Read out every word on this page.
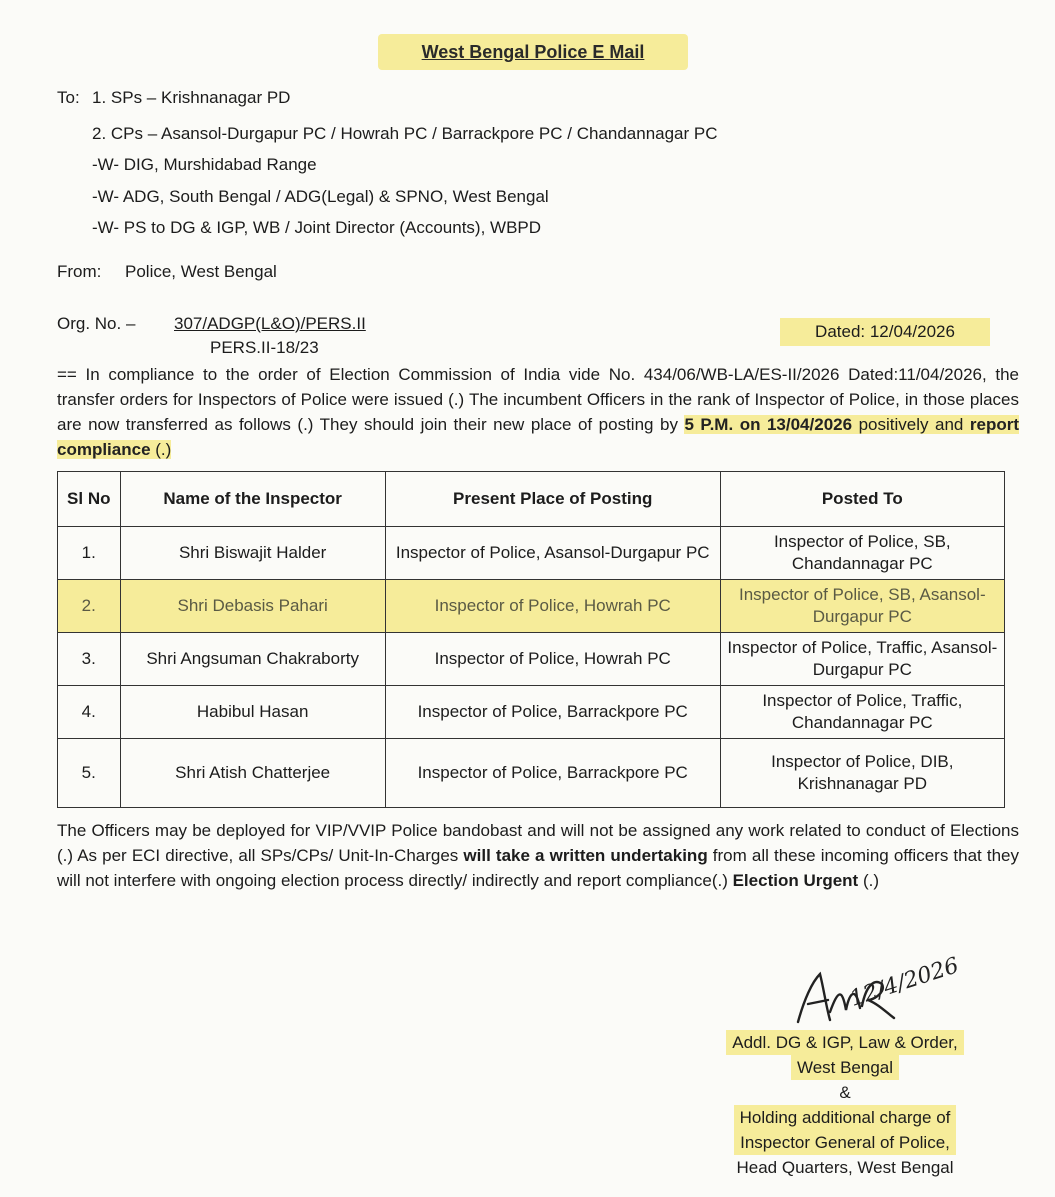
West Bengal Police E Mail
To: 1. SPs – Krishnanagar PD
2. CPs – Asansol-Durgapur PC / Howrah PC / Barrackpore PC / Chandannagar PC
-W- DIG, Murshidabad Range
-W- ADG, South Bengal / ADG(Legal) & SPNO, West Bengal
-W- PS to DG & IGP, WB / Joint Director (Accounts), WBPD
From: Police, West Bengal
Org. No. – 307/ADGP(L&O)/PERS.II
PERS.II-18/23
Dated: 12/04/2026
== In compliance to the order of Election Commission of India vide No. 434/06/WB-LA/ES-II/2026 Dated:11/04/2026, the transfer orders for Inspectors of Police were issued (.) The incumbent Officers in the rank of Inspector of Police, in those places are now transferred as follows (.) They should join their new place of posting by 5 P.M. on 13/04/2026 positively and report compliance (.)
Sl No	Name of the Inspector	Present Place of Posting	Posted To
1.	Shri Biswajit Halder	Inspector of Police, Asansol-Durgapur PC	Inspector of Police, SB, Chandannagar PC
2.	Shri Debasis Pahari	Inspector of Police, Howrah PC	Inspector of Police, SB, Asansol-Durgapur PC
3.	Shri Angsuman Chakraborty	Inspector of Police, Howrah PC	Inspector of Police, Traffic, Asansol-Durgapur PC
4.	Habibul Hasan	Inspector of Police, Barrackpore PC	Inspector of Police, Traffic, Chandannagar PC
5.	Shri Atish Chatterjee	Inspector of Police, Barrackpore PC	Inspector of Police, DIB, Krishnanagar PD
The Officers may be deployed for VIP/VVIP Police bandobast and will not be assigned any work related to conduct of Elections (.) As per ECI directive, all SPs/CPs/ Unit-In-Charges will take a written undertaking from all these incoming officers that they will not interfere with ongoing election process directly/ indirectly and report compliance(.) Election Urgent (.)
12/4/2026
Addl. DG & IGP, Law & Order,
West Bengal
&
Holding additional charge of
Inspector General of Police,
Head Quarters, West Bengal
